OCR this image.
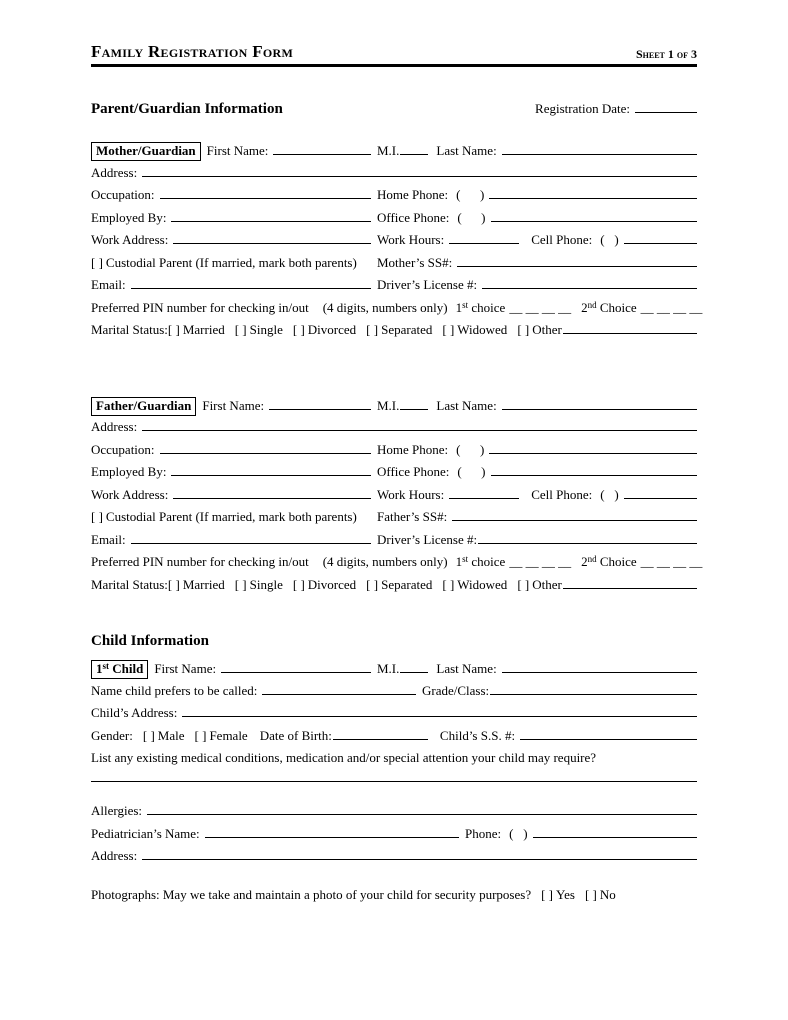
Family Registration Form	Sheet 1 of 3
Parent/Guardian Information	Registration Date:
Mother/Guardian First Name:	M.I.	Last Name:
Address:
Occupation:	Home Phone: (      )
Employed By:	Office Phone: (      )
Work Address:	Work Hours:	Cell Phone: (   )
[ ] Custodial Parent (If married, mark both parents) Mother’s SS#:
Email:	Driver’s License #:
Preferred PIN number for checking in/out (4 digits, numbers only) 1st choice __ __ __ __ 2nd Choice __ __ __ __
Marital Status: [ ] Married [ ] Single [ ] Divorced [ ] Separated [ ] Widowed [ ] Other
Father/Guardian First Name:	M.I.	Last Name:
Address:
Occupation:	Home Phone: (      )
Employed By:	Office Phone: (      )
Work Address:	Work Hours:	Cell Phone: (   )
[ ] Custodial Parent (If married, mark both parents) Father’s SS#:
Email:	Driver’s License #:
Preferred PIN number for checking in/out (4 digits, numbers only) 1st choice __ __ __ __ 2nd Choice __ __ __ __
Marital Status: [ ] Married [ ] Single [ ] Divorced [ ] Separated [ ] Widowed [ ] Other
Child Information
1st Child First Name:	M.I.	Last Name:
Name child prefers to be called:	Grade/Class:
Child’s Address:
Gender: [ ] Male [ ] Female Date of Birth:	Child’s S.S. #:
List any existing medical conditions, medication and/or special attention your child may require?
Allergies:
Pediatrician’s Name:	Phone: (   )
Address:
Photographs: May we take and maintain a photo of your child for security purposes? [ ] Yes [ ] No
